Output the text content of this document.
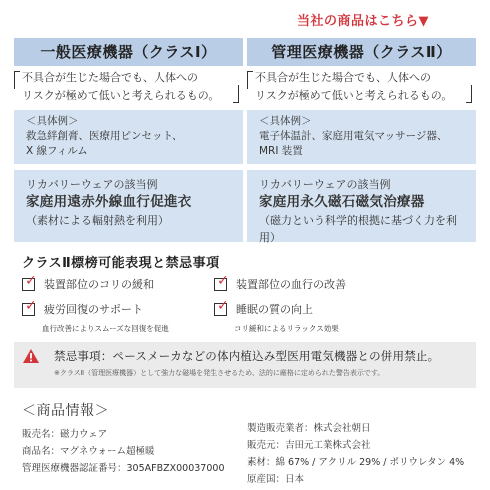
当社の商品はこちら▼
一般医療機器（クラスⅠ）
不具合が生じた場合でも、人体への
リスクが極めて低いと考えられるもの。
＜具体例＞
救急絆創膏、医療用ピンセット、
X 線フィルム
リカバリーウェアの該当例
家庭用遠赤外線血行促進衣
（素材による輻射熱を利用）
管理医療機器（クラスⅡ）
不具合が生じた場合でも、人体への
リスクが極めて低いと考えられるもの。
＜具体例＞
電子体温計、家庭用電気マッサージ器、
MRI 装置
リカバリーウェアの該当例
家庭用永久磁石磁気治療器
（磁力という科学的根拠に基づく力を利用）
クラスⅡ標榜可能表現と禁忌事項
✓ 装置部位のコリの緩和	✓ 装置部位の血行の改善
✓ 疲労回復のサポート
血行改善によりスムーズな回復を促進
✓ 睡眠の質の向上
コリ緩和によるリラックス効果
禁忌事項：ペースメーカなどの体内植込み型医用電気機器との併用禁止。
※クラスⅡ（管理医療機器）として強力な磁場を発生させるため、法的に厳格に定められた警告表示です。
＜商品情報＞
販売名：磁力ウェア
商品名：マグネウォーム超極暖
管理医療機器認証番号：305AFBZX00037000
製造販売業者：株式会社朝日
販売元：吉田元工業株式会社
素材：綿 67% / アクリル 29% / ポリウレタン 4%
原産国：日本
